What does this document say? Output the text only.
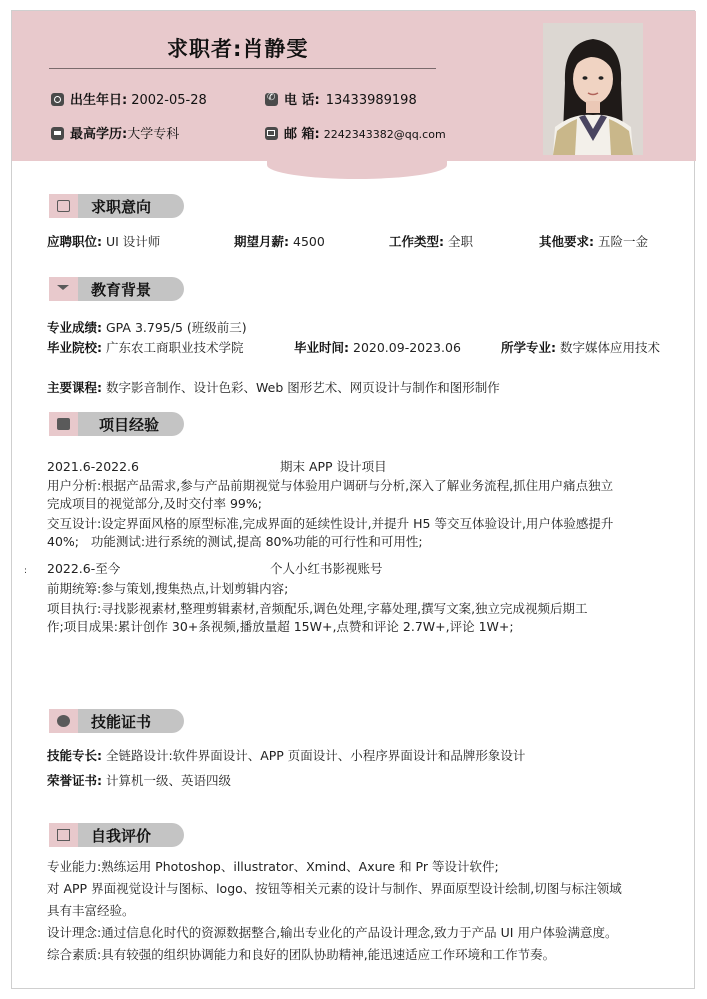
求职者:肖静雯
出生年日: 2002-05-28
✆	电 话: 13433989198
最高学历:大学专科	邮 箱: 2242343382@qq.com
求职意向
应聘职位: UI 设计师	期望月薪: 4500	工作类型: 全职	其他要求: 五险一金
教育背景
专业成绩: GPA 3.795/5 (班级前三)
毕业院校: 广东农工商职业技术学院	毕业时间: 2020.09-2023.06	所学专业: 数字媒体应用技术
主要课程: 数字影音制作、设计色彩、Web 图形艺术、网页设计与制作和图形制作
项目经验
2021.6-2022.6	期末 APP 设计项目
用户分析:根据产品需求,参与产品前期视觉与体验用户调研与分析,深入了解业务流程,抓住用户痛点独立
完成项目的视觉部分,及时交付率 99%;
交互设计:设定界面风格的原型标准,完成界面的延续性设计,并提升 H5 等交互体验设计,用户体验感提升
40%;   功能测试:进行系统的测试,提高 80%功能的可行性和可用性;
2022.6-至今	个人小红书影视账号
前期统筹:参与策划,搜集热点,计划剪辑内容;
项目执行:寻找影视素材,整理剪辑素材,音频配乐,调色处理,字幕处理,撰写文案,独立完成视频后期工
作;项目成果:累计创作 30+条视频,播放量超 15W+,点赞和评论 2.7W+,评论 1W+;
技能证书
技能专长: 全链路设计:软件界面设计、APP 页面设计、小程序界面设计和品牌形象设计
荣誉证书: 计算机一级、英语四级
自我评价
专业能力:熟练运用 Photoshop、illustrator、Xmind、Axure 和 Pr 等设计软件;
对 APP 界面视觉设计与图标、logo、按钮等相关元素的设计与制作、界面原型设计绘制,切图与标注领域
具有丰富经验。
设计理念:通过信息化时代的资源数据整合,输出专业化的产品设计理念,致力于产品 UI 用户体验满意度。
综合素质:具有较强的组织协调能力和良好的团队协助精神,能迅速适应工作环境和工作节奏。
:
